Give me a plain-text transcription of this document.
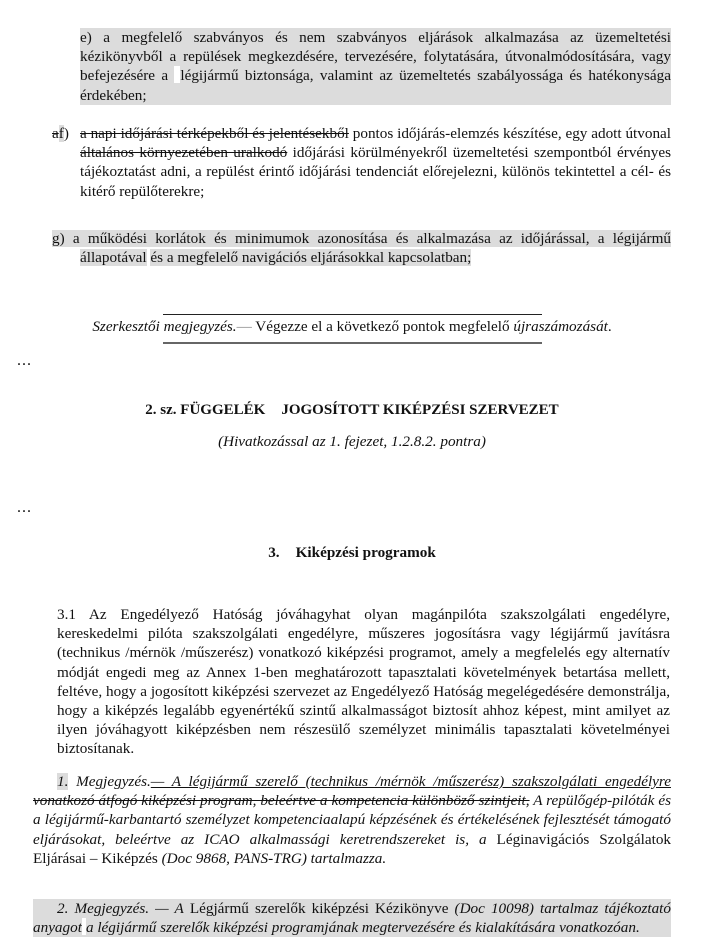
e) a megfelelő szabványos és nem szabványos eljárások alkalmazása az üzemeltetési kézikönyvből a repülések megkezdésére, tervezésére, folytatására, útvonalmódosítására, vagy befejezésére a légijármű biztonsága, valamint az üzemeltetés szabályossága és hatékonysága érdekében;
af) a napi időjárási térképekből és jelentésekből pontos időjárás-elemzés készítése, egy adott útvonal általános környezetében uralkodó időjárási körülményekről üzemeltetési szempontból érvényes tájékoztatást adni, a repülést érintő időjárási tendenciát előrejelezni, különös tekintettel a cél- és kitérő repülőterekre;
g) a működési korlátok és minimumok azonosítása és alkalmazása az időjárással, a légijármű
állapotával és a megfelelő navigációs eljárásokkal kapcsolatban;
Szerkesztői megjegyzés.— Végezze el a következő pontok megfelelő újraszámozását.
...
2. sz. FÜGGELÉK JOGOSÍTOTT KIKÉPZÉSI SZERVEZET
(Hivatkozással az 1. fejezet, 1.2.8.2. pontra)
...
3. Kiképzési programok
3.1 Az Engedélyező Hatóság jóváhagyhat olyan magánpilóta szakszolgálati engedélyre, kereskedelmi pilóta szakszolgálati engedélyre, műszeres jogosításra vagy légijármű javításra (technikus /mérnök /műszerész) vonatkozó kiképzési programot, amely a megfelelés egy alternatív módját engedi meg az Annex 1-ben meghatározott tapasztalati követelmények betartása mellett, feltéve, hogy a jogosított kiképzési szervezet az Engedélyező Hatóság megelégedésére demonstrálja, hogy a kiképzés legalább egyenértékű szintű alkalmasságot biztosít ahhoz képest, mint amilyet az ilyen jóváhagyott kiképzésben nem részesülő személyzet minimális tapasztalati követelményei biztosítanak.
1. Megjegyzés.— A légijármű szerelő (technikus /mérnök /műszerész) szakszolgálati engedélyre vonatkozó átfogó kiképzési program, beleértve a kompetencia különböző szintjeit, A repülőgép-pilóták és a légijármű-karbantartó személyzet kompetenciaalapú képzésének és értékelésének fejlesztését támogató eljárásokat, beleértve az ICAO alkalmassági keretrendszereket is, a Léginavigációs Szolgálatok Eljárásai – Kiképzés (Doc 9868, PANS-TRG) tartalmazza.
2. Megjegyzés. — A Légjármű szerelők kiképzési Kézikönyve (Doc 10098) tartalmaz tájékoztató anyagot a légijármű szerelők kiképzési programjának megtervezésére és kialakítására vonatkozóan.
